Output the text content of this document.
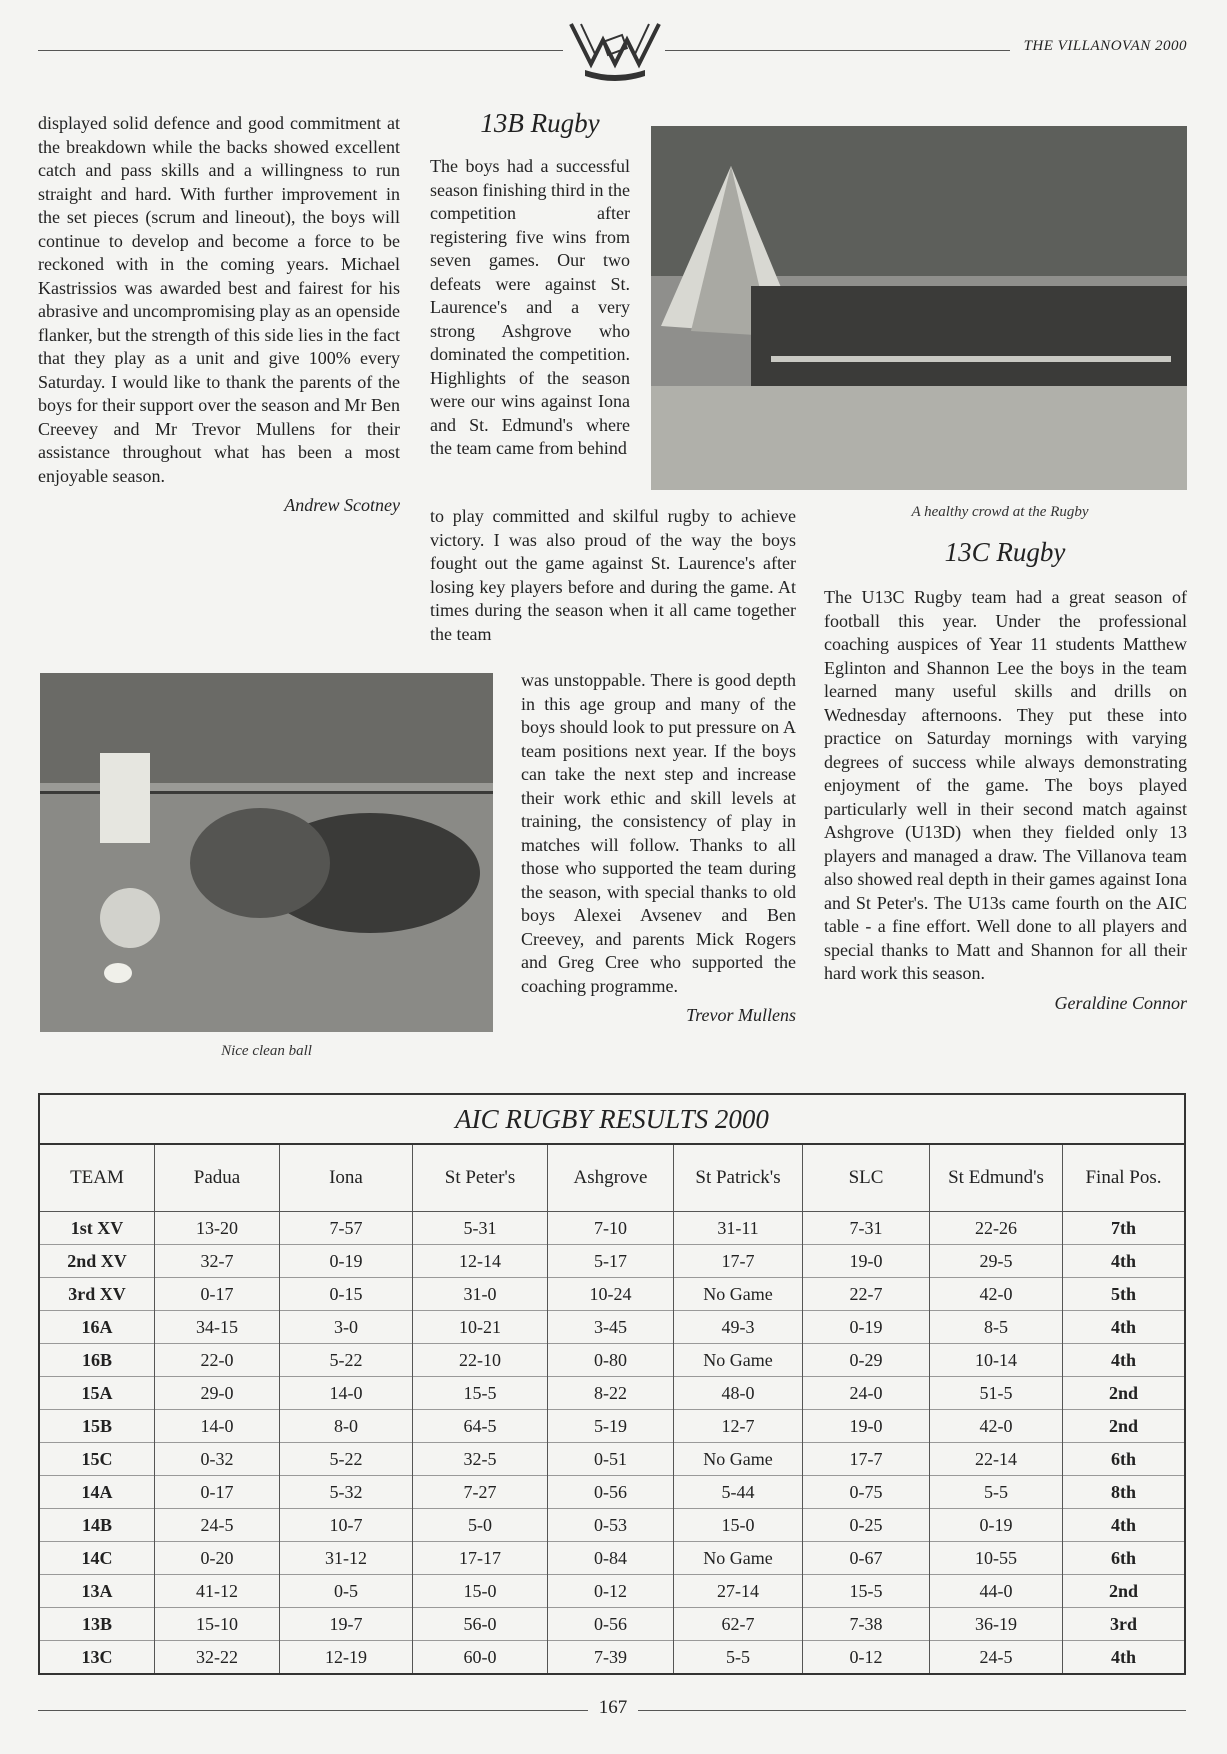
THE VILLANOVAN 2000

displayed solid defence and good commitment at the breakdown while the backs showed excellent catch and pass skills and a willingness to run straight and hard. With further improvement in the set pieces (scrum and lineout), the boys will continue to develop and become a force to be reckoned with in the coming years. Michael Kastrissios was awarded best and fairest for his abrasive and uncompromising play as an openside flanker, but the strength of this side lies in the fact that they play as a unit and give 100% every Saturday. I would like to thank the parents of the boys for their support over the season and Mr Ben Creevey and Mr Trevor Mullens for their assistance throughout what has been a most enjoyable season.

Andrew Scotney
13B Rugby

The boys had a successful season finishing third in the competition after registering five wins from seven games. Our two defeats were against St. Laurence's and a very strong Ashgrove who dominated the competition. Highlights of the season were our wins against Iona and St. Edmund's where the team came from behind

A healthy crowd at the Rugby

to play committed and skilful rugby to achieve victory. I was also proud of the way the boys fought out the game against St. Laurence's after losing key players before and during the game. At times during the season when it all came together the team

Nice clean ball

was unstoppable. There is good depth in this age group and many of the boys should look to put pressure on A team positions next year. If the boys can take the next step and increase their work ethic and skill levels at training, the consistency of play in matches will follow. Thanks to all those who supported the team during the season, with special thanks to old boys Alexei Avsenev and Ben Creevey, and parents Mick Rogers and Greg Cree who supported the coaching programme.

Trevor Mullens
13C Rugby

The U13C Rugby team had a great season of football this year. Under the professional coaching auspices of Year 11 students Matthew Eglinton and Shannon Lee the boys in the team learned many useful skills and drills on Wednesday afternoons. They put these into practice on Saturday mornings with varying degrees of success while always demonstrating enjoyment of the game. The boys played particularly well in their second match against Ashgrove (U13D) when they fielded only 13 players and managed a draw. The Villanova team also showed real depth in their games against Iona and St Peter's. The U13s came fourth on the AIC table - a fine effort. Well done to all players and special thanks to Matt and Shannon for all their hard work this season.

Geraldine Connor
AIC RUGBY RESULTS 2000
TEAM	Padua	Iona	St Peter's	Ashgrove	St Patrick's	SLC	St Edmund's	Final Pos.
1st XV	13-20	7-57	5-31	7-10	31-11	7-31	22-26	7th
2nd XV	32-7	0-19	12-14	5-17	17-7	19-0	29-5	4th
3rd XV	0-17	0-15	31-0	10-24	No Game	22-7	42-0	5th
16A	34-15	3-0	10-21	3-45	49-3	0-19	8-5	4th
16B	22-0	5-22	22-10	0-80	No Game	0-29	10-14	4th
15A	29-0	14-0	15-5	8-22	48-0	24-0	51-5	2nd
15B	14-0	8-0	64-5	5-19	12-7	19-0	42-0	2nd
15C	0-32	5-22	32-5	0-51	No Game	17-7	22-14	6th
14A	0-17	5-32	7-27	0-56	5-44	0-75	5-5	8th
14B	24-5	10-7	5-0	0-53	15-0	0-25	0-19	4th
14C	0-20	31-12	17-17	0-84	No Game	0-67	10-55	6th
13A	41-12	0-5	15-0	0-12	27-14	15-5	44-0	2nd
13B	15-10	19-7	56-0	0-56	62-7	7-38	36-19	3rd
13C	32-22	12-19	60-0	7-39	5-5	0-12	24-5	4th
167
